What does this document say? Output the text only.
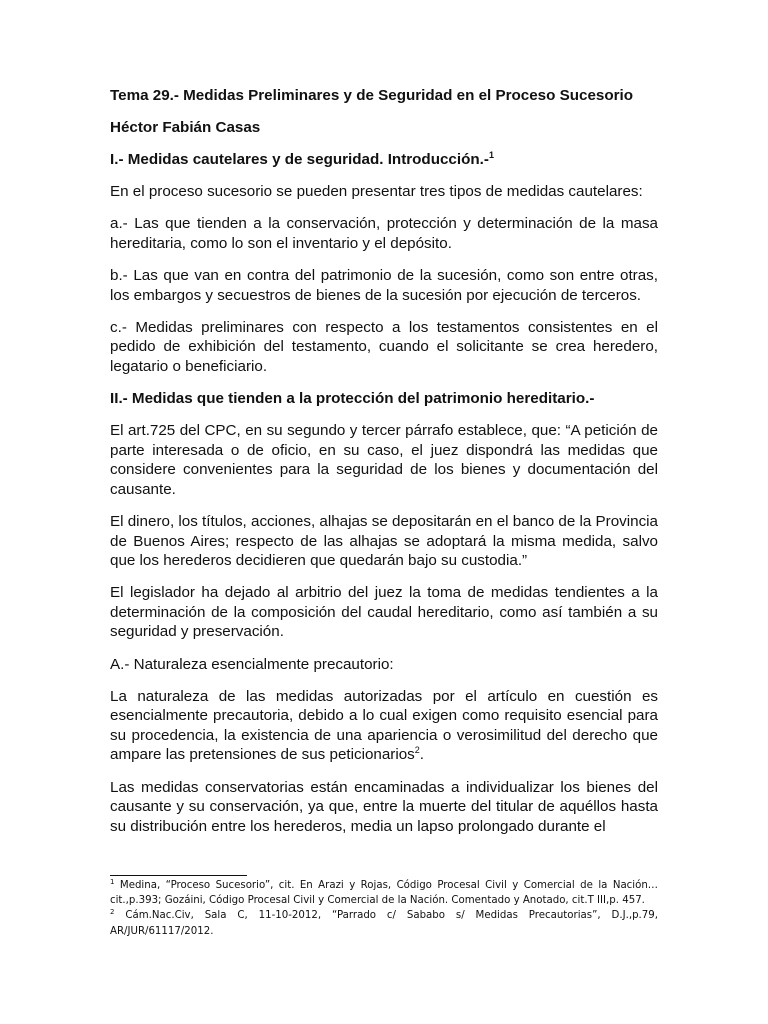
Tema 29.- Medidas Preliminares y de Seguridad en el Proceso Sucesorio

Héctor Fabián Casas

I.- Medidas cautelares y de seguridad. Introducción.-$^1$

En el proceso sucesorio se pueden presentar tres tipos de medidas cautelares:

a.- Las que tienden a la conservación, protección y determinación de la masa hereditaria, como lo son el inventario y el depósito.

b.- Las que van en contra del patrimonio de la sucesión, como son entre otras, los embargos y secuestros de bienes de la sucesión por ejecución de terceros.

c.- Medidas preliminares con respecto a los testamentos consistentes en el pedido de exhibición del testamento, cuando el solicitante se crea heredero, legatario o beneficiario.

II.- Medidas que tienden a la protección del patrimonio hereditario.-

El art.725 del CPC, en su segundo y tercer párrafo establece, que: “A petición de parte interesada o de oficio, en su caso, el juez dispondrá las medidas que considere convenientes para la seguridad de los bienes y documentación del causante.

El dinero, los títulos, acciones, alhajas se depositarán en el banco de la Provincia de Buenos Aires; respecto de las alhajas se adoptará la misma medida, salvo que los herederos decidieren que quedarán bajo su custodia.”

El legislador ha dejado al arbitrio del juez la toma de medidas tendientes a la determinación de la composición del caudal hereditario, como así también a su seguridad y preservación.

A.- Naturaleza esencialmente precautorio:

La naturaleza de las medidas autorizadas por el artículo en cuestión es esencialmente precautoria, debido a lo cual exigen como requisito esencial para su procedencia, la existencia de una apariencia o verosimilitud del derecho que ampare las pretensiones de sus peticionarios$^2$.

Las medidas conservatorias están encaminadas a individualizar los bienes del causante y su conservación, ya que, entre la muerte del titular de aquéllos hasta su distribución entre los herederos, media un lapso prolongado durante el

$^1$ Medina, “Proceso Sucesorio”, cit. En Arazi y Rojas, Código Procesal Civil y Comercial de la Nación… cit.,p.393; Gozáini, Código Procesal Civil y Comercial de la Nación. Comentado y Anotado, cit.T III,p. 457.

$^2$ Cám.Nac.Civ, Sala C, 11-10-2012, “Parrado c/ Sababo s/ Medidas Precautorias”, D.J.,p.79, AR/JUR/61117/2012.
